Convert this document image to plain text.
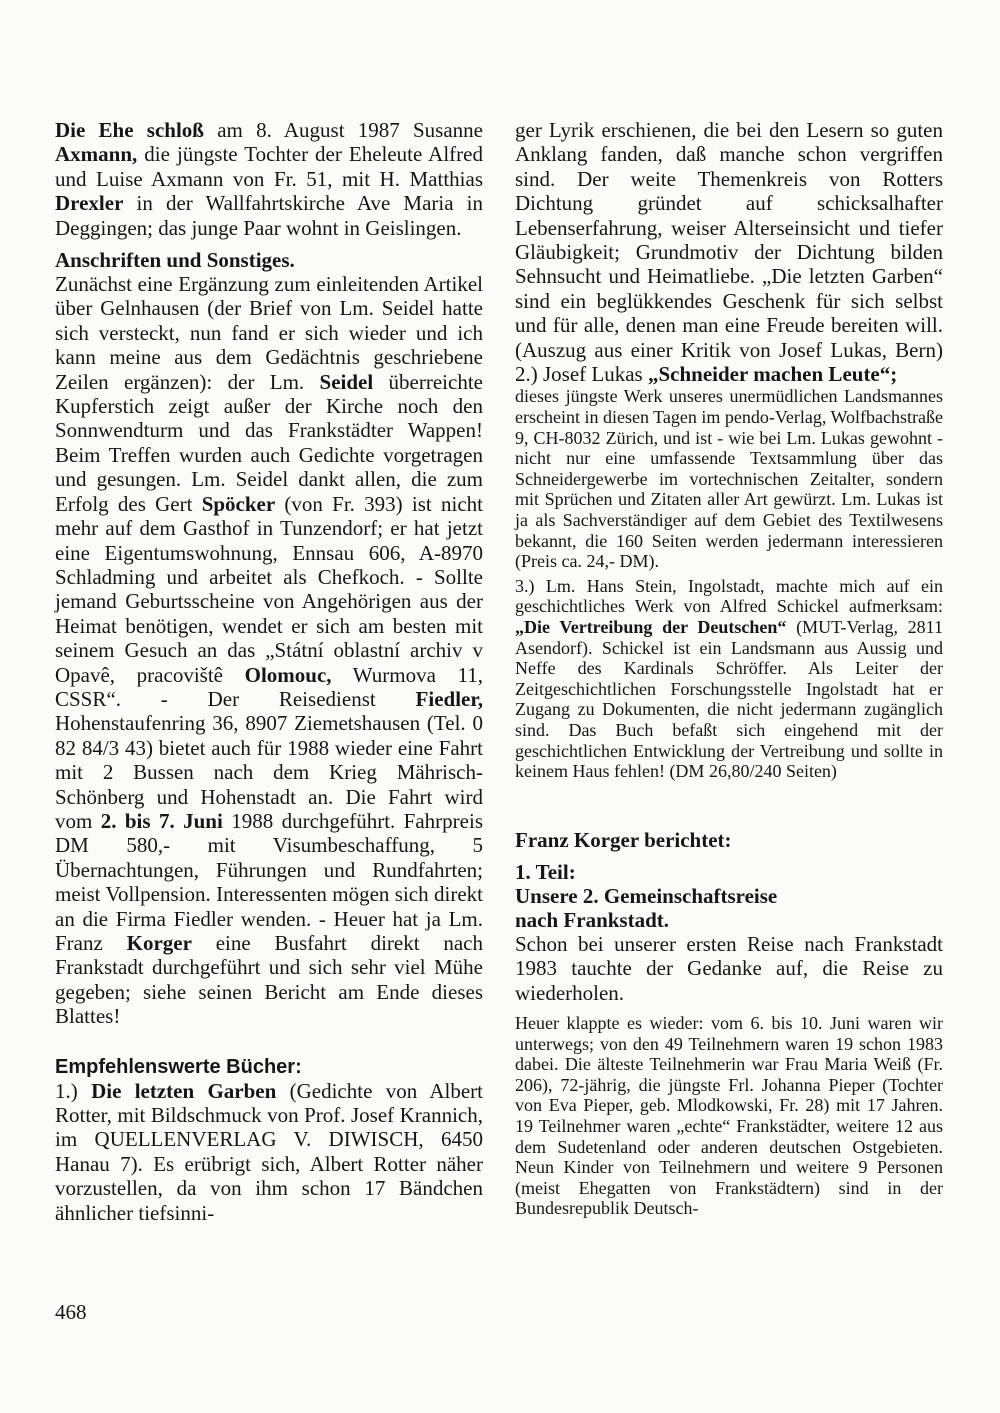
Die Ehe schloß am 8. August 1987 Susanne Axmann, die jüngste Tochter der Eheleute Alfred und Luise Axmann von Fr. 51, mit H. Matthias Drexler in der Wallfahrtskirche Ave Maria in Deggingen; das junge Paar wohnt in Geislingen.

Anschriften und Sonstiges.

Zunächst eine Ergänzung zum einleitenden Artikel über Gelnhausen (der Brief von Lm. Seidel hatte sich versteckt, nun fand er sich wieder und ich kann meine aus dem Gedächtnis geschriebene Zeilen ergänzen): der Lm. Seidel überreichte Kupferstich zeigt außer der Kirche noch den Sonnwendturm und das Frankstädter Wappen! Beim Treffen wurden auch Gedichte vorgetragen und gesungen. Lm. Seidel dankt allen, die zum Erfolg des Gert Spöcker (von Fr. 393) ist nicht mehr auf dem Gasthof in Tunzendorf; er hat jetzt eine Eigentumswohnung, Ennsau 606, A-8970 Schladming und arbeitet als Chefkoch. - Sollte jemand Geburtsscheine von Angehörigen aus der Heimat benötigen, wendet er sich am besten mit seinem Gesuch an das „Státní oblastní archiv v Opavê, pracovištê Olomouc, Wurmova 11, CSSR“. - Der Reisedienst Fiedler, Hohenstaufenring 36, 8907 Ziemetshausen (Tel. 0 82 84/3 43) bietet auch für 1988 wieder eine Fahrt mit 2 Bussen nach dem Krieg Mährisch-Schönberg und Hohenstadt an. Die Fahrt wird vom 2. bis 7. Juni 1988 durchgeführt. Fahrpreis DM 580,- mit Visumbeschaffung, 5 Übernachtungen, Führungen und Rundfahrten; meist Vollpension. Interessenten mögen sich direkt an die Firma Fiedler wenden. - Heuer hat ja Lm. Franz Korger eine Busfahrt direkt nach Frankstadt durchgeführt und sich sehr viel Mühe gegeben; siehe seinen Bericht am Ende dieses Blattes!

Empfehlenswerte Bücher:

1.) Die letzten Garben (Gedichte von Albert Rotter, mit Bildschmuck von Prof. Josef Krannich, im QUELLENVERLAG V. DIWISCH, 6450 Hanau 7). Es erübrigt sich, Albert Rotter näher vorzustellen, da von ihm schon 17 Bändchen ähnlicher tiefsinni-

ger Lyrik erschienen, die bei den Lesern so guten Anklang fanden, daß manche schon vergriffen sind. Der weite Themenkreis von Rotters Dichtung gründet auf schicksalhafter Lebenserfahrung, weiser Alterseinsicht und tiefer Gläubigkeit; Grundmotiv der Dichtung bilden Sehnsucht und Heimatliebe. „Die letzten Garben“ sind ein beglükkendes Geschenk für sich selbst und für alle, denen man eine Freude bereiten will. (Auszug aus einer Kritik von Josef Lukas, Bern) 2.) Josef Lukas „Schneider machen Leute“;

dieses jüngste Werk unseres unermüdlichen Landsmannes erscheint in diesen Tagen im pendo-Verlag, Wolfbachstraße 9, CH-8032 Zürich, und ist - wie bei Lm. Lukas gewohnt - nicht nur eine umfassende Textsammlung über das Schneidergewerbe im vortechnischen Zeitalter, sondern mit Sprüchen und Zitaten aller Art gewürzt. Lm. Lukas ist ja als Sachverständiger auf dem Gebiet des Textilwesens bekannt, die 160 Seiten werden jedermann interessieren (Preis ca. 24,- DM).

3.) Lm. Hans Stein, Ingolstadt, machte mich auf ein geschichtliches Werk von Alfred Schickel aufmerksam: „Die Vertreibung der Deutschen“ (MUT-Verlag, 2811 Asendorf). Schickel ist ein Landsmann aus Aussig und Neffe des Kardinals Schröffer. Als Leiter der Zeitgeschichtlichen Forschungsstelle Ingolstadt hat er Zugang zu Dokumenten, die nicht jedermann zugänglich sind. Das Buch befaßt sich eingehend mit der geschichtlichen Entwicklung der Vertreibung und sollte in keinem Haus fehlen! (DM 26,80/240 Seiten)

Franz Korger berichtet:

1. Teil:

Unsere 2. Gemeinschaftsreise

nach Frankstadt.

Schon bei unserer ersten Reise nach Frankstadt 1983 tauchte der Gedanke auf, die Reise zu wiederholen.

Heuer klappte es wieder: vom 6. bis 10. Juni waren wir unterwegs; von den 49 Teilnehmern waren 19 schon 1983 dabei. Die älteste Teilnehmerin war Frau Maria Weiß (Fr. 206), 72-jährig, die jüngste Frl. Johanna Pieper (Tochter von Eva Pieper, geb. Mlodkowski, Fr. 28) mit 17 Jahren. 19 Teilnehmer waren „echte“ Frankstädter, weitere 12 aus dem Sudetenland oder anderen deutschen Ostgebieten. Neun Kinder von Teilnehmern und weitere 9 Personen (meist Ehegatten von Frankstädtern) sind in der Bundesrepublik Deutsch-

468
